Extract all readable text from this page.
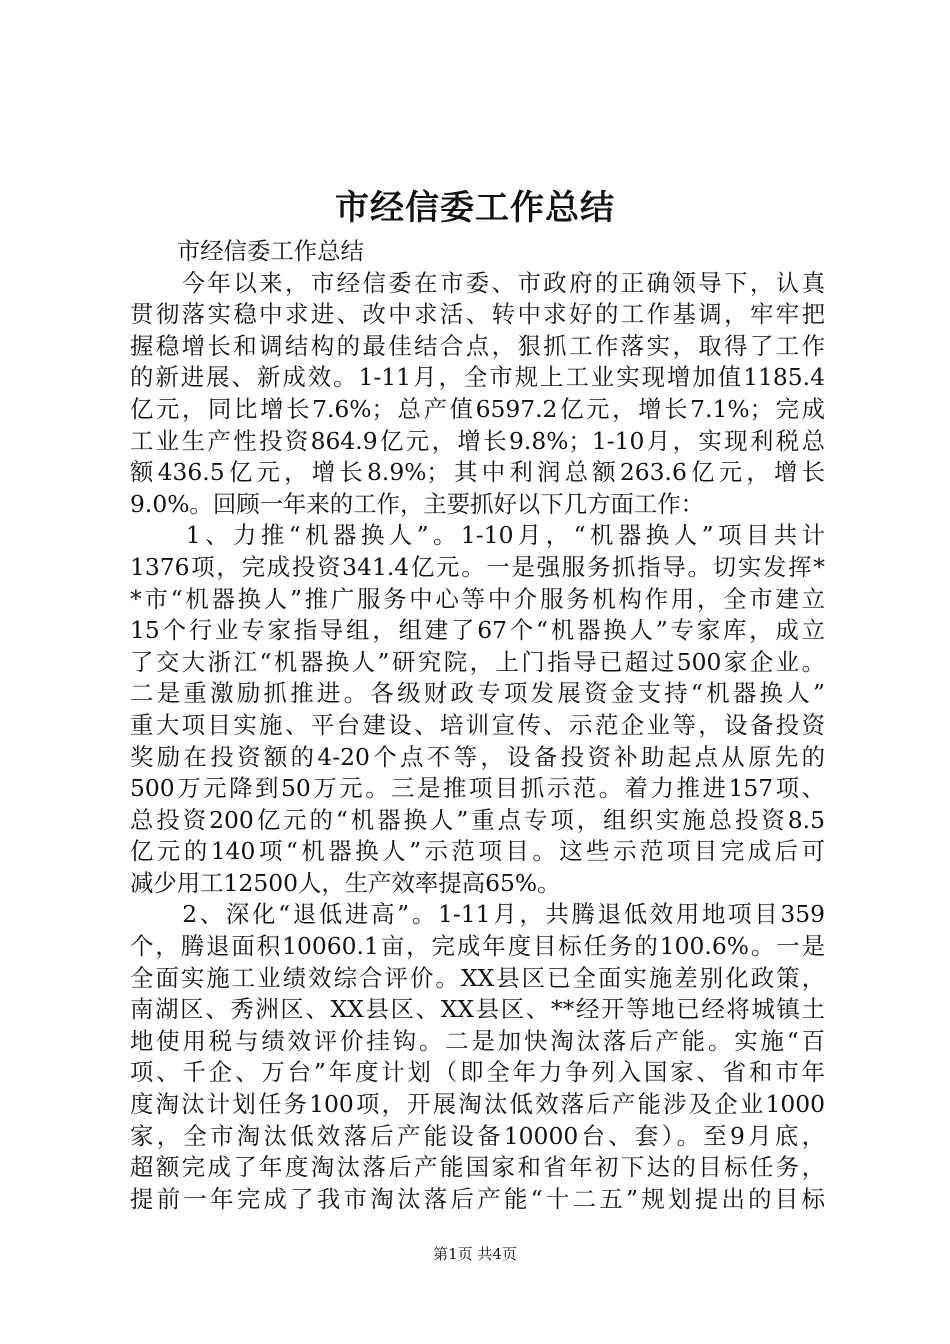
市经信委工作总结
　　市经信委工作总结
　　今年以来，市经信委在市委、市政府的正确领导下，认真
贯彻落实稳中求进、改中求活、转中求好的工作基调，牢牢把
握稳增长和调结构的最佳结合点，狠抓工作落实，取得了工作
的新进展、新成效。1-11月，全市规上工业实现增加值1185.4
亿元，同比增长7.6%；总产值6597.2亿元，增长7.1%；完成
工业生产性投资864.9亿元，增长9.8%；1-10月，实现利税总
额436.5亿元，增长8.9%；其中利润总额263.6亿元，增长
9.0%。回顾一年来的工作，主要抓好以下几方面工作：
　　1、力推“机器换人”。1-10月，“机器换人”项目共计
1376项，完成投资341.4亿元。一是强服务抓指导。切实发挥*
*市“机器换人”推广服务中心等中介服务机构作用，全市建立
15个行业专家指导组，组建了67个“机器换人”专家库，成立
了交大浙江“机器换人”研究院，上门指导已超过500家企业。
二是重激励抓推进。各级财政专项发展资金支持“机器换人”
重大项目实施、平台建设、培训宣传、示范企业等，设备投资
奖励在投资额的4-20个点不等，设备投资补助起点从原先的
500万元降到50万元。三是推项目抓示范。着力推进157项、
总投资200亿元的“机器换人”重点专项，组织实施总投资8.5
亿元的140项“机器换人”示范项目。这些示范项目完成后可
减少用工12500人，生产效率提高65%。
　　2、深化“退低进高”。1-11月，共腾退低效用地项目359
个，腾退面积10060.1亩，完成年度目标任务的100.6%。一是
全面实施工业绩效综合评价。XX县区已全面实施差别化政策，
南湖区、秀洲区、XX县区、XX县区、**经开等地已经将城镇土
地使用税与绩效评价挂钩。二是加快淘汰落后产能。实施“百
项、千企、万台”年度计划（即全年力争列入国家、省和市年
度淘汰计划任务100项，开展淘汰低效落后产能涉及企业1000
家，全市淘汰低效落后产能设备10000台、套）。至9月底，
超额完成了年度淘汰落后产能国家和省年初下达的目标任务，
提前一年完成了我市淘汰落后产能“十二五”规划提出的目标
第1页 共4页
